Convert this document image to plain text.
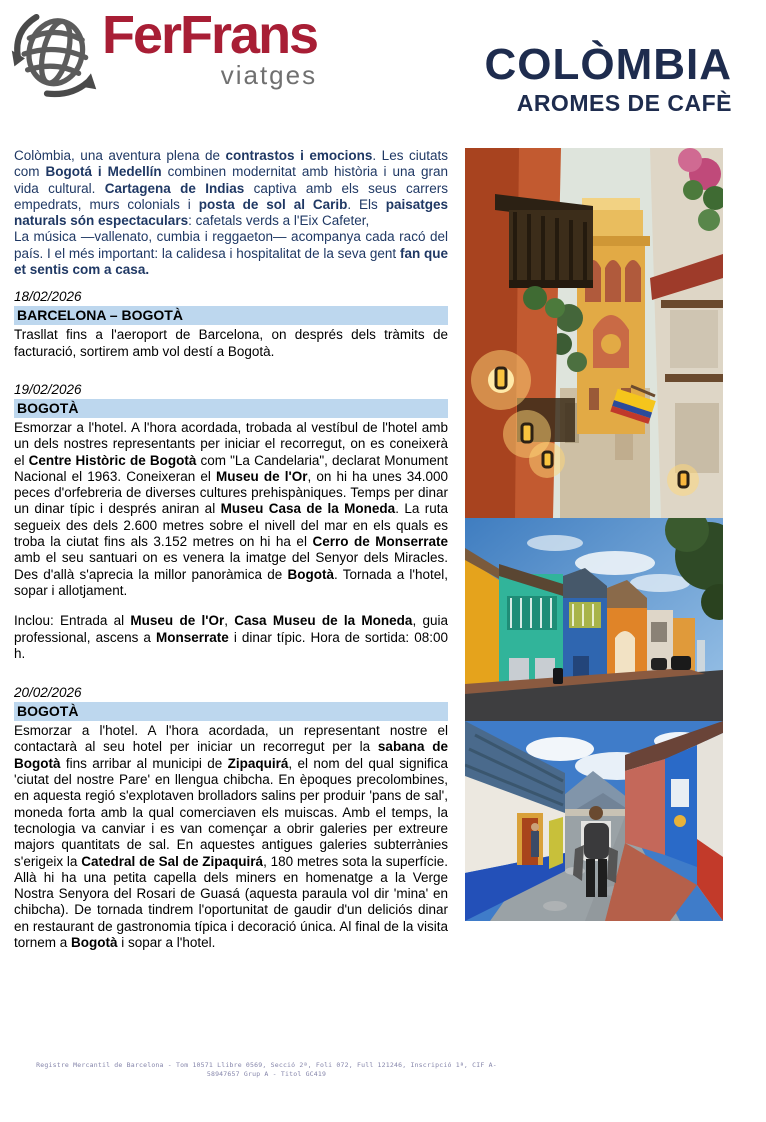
FerFrans
viatges	COLÒMBIA
AROMES DE CAFÈ

Colòmbia, una aventura plena de contrastos i emocions. Les ciutats com Bogotá i Medellín combinen modernitat amb història i una gran vida cultural. Cartagena de Indias captiva amb els seus carrers empedrats, murs colonials i posta de sol al Carib. Els paisatges naturals són espectaculars: cafetals verds a l'Eix Cafeter,

La música —vallenato, cumbia i reggaeton— acompanya cada racó del país. I el més important: la calidesa i hospitalitat de la seva gent fan que et sentis com a casa.

18/02/2026
BARCELONA – BOGOTÀ

Trasllat fins a l'aeroport de Barcelona, on després dels tràmits de facturació, sortirem amb vol destí a Bogotà.

19/02/2026
BOGOTÀ

Esmorzar a l'hotel. A l'hora acordada, trobada al vestíbul de l'hotel amb un dels nostres representants per iniciar el recorregut, on es coneixerà el Centre Històric de Bogotà com "La Candelaria", declarat Monument Nacional el 1963. Coneixeran el Museu de l'Or, on hi ha unes 34.000 peces d'orfebreria de diverses cultures prehispàniques. Temps per dinar un dinar típic i després aniran al Museu Casa de la Moneda. La ruta segueix des dels 2.600 metres sobre el nivell del mar en els quals es troba la ciutat fins als 3.152 metres on hi ha el Cerro de Monserrate amb el seu santuari on es venera la imatge del Senyor dels Miracles. Des d'allà s'aprecia la millor panoràmica de Bogotà. Tornada a l'hotel, sopar i allotjament.

Inclou: Entrada al Museu de l'Or, Casa Museu de la Moneda, guia professional, ascens a Monserrate i dinar típic. Hora de sortida: 08:00 h.

20/02/2026
BOGOTÀ

Esmorzar a l'hotel. A l'hora acordada, un representant nostre el contactarà al seu hotel per iniciar un recorregut per la sabana de Bogotà fins arribar al municipi de Zipaquirá, el nom del qual significa 'ciutat del nostre Pare' en llengua chibcha. En èpoques precolombines, en aquesta regió s'explotaven brolladors salins per produir 'pans de sal', moneda forta amb la qual comerciaven els muiscas. Amb el temps, la tecnologia va canviar i es van començar a obrir galeries per extreure majors quantitats de sal. En aquestes antigues galeries subterrànies s'erigeix la Catedral de Sal de Zipaquirá, 180 metres sota la superfície. Allà hi ha una petita capella dels miners en homenatge a la Verge Nostra Senyora del Rosari de Guasá (aquesta paraula vol dir 'mina' en chibcha). De tornada tindrem l'oportunitat de gaudir d'un deliciós dinar en restaurant de gastronomia típica i decoració única. Al final de la visita tornem a Bogotà i sopar a l'hotel.

Registre Mercantil de Barcelona - Tom 10571 Llibre 0569, Secció 2ª, Foli 072, Full 121246, Inscripció 1ª, CIF A-
58947657 Grup A - Titol GC419
